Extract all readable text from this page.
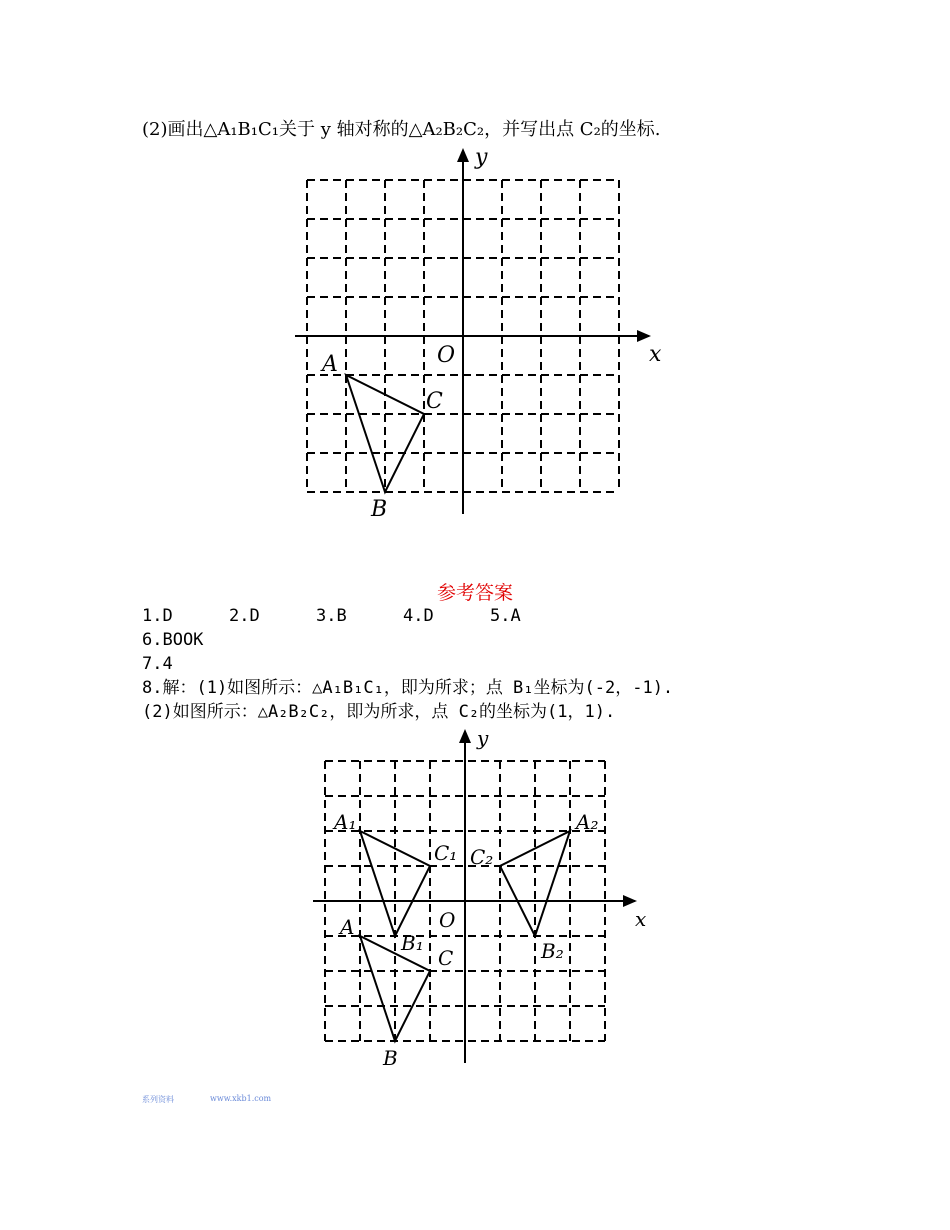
(2)画出△A₁B₁C₁关于 y 轴对称的△A₂B₂C₂，并写出点 C₂的坐标.
x
y
O
A
B
C
参考答案
1.D	2.D	3.B	4.D	5.A
6.BOOK
7.4
8.解：(1)如图所示：△A₁B₁C₁，即为所求；点 B₁坐标为(-2，-1).
(2)如图所示：△A₂B₂C₂，即为所求，点 C₂的坐标为(1，1).
x
y
O
A
B
C
A₁
B₁
C₁
A₂
B₂
C₂
系列资料	www.xkb1.com
